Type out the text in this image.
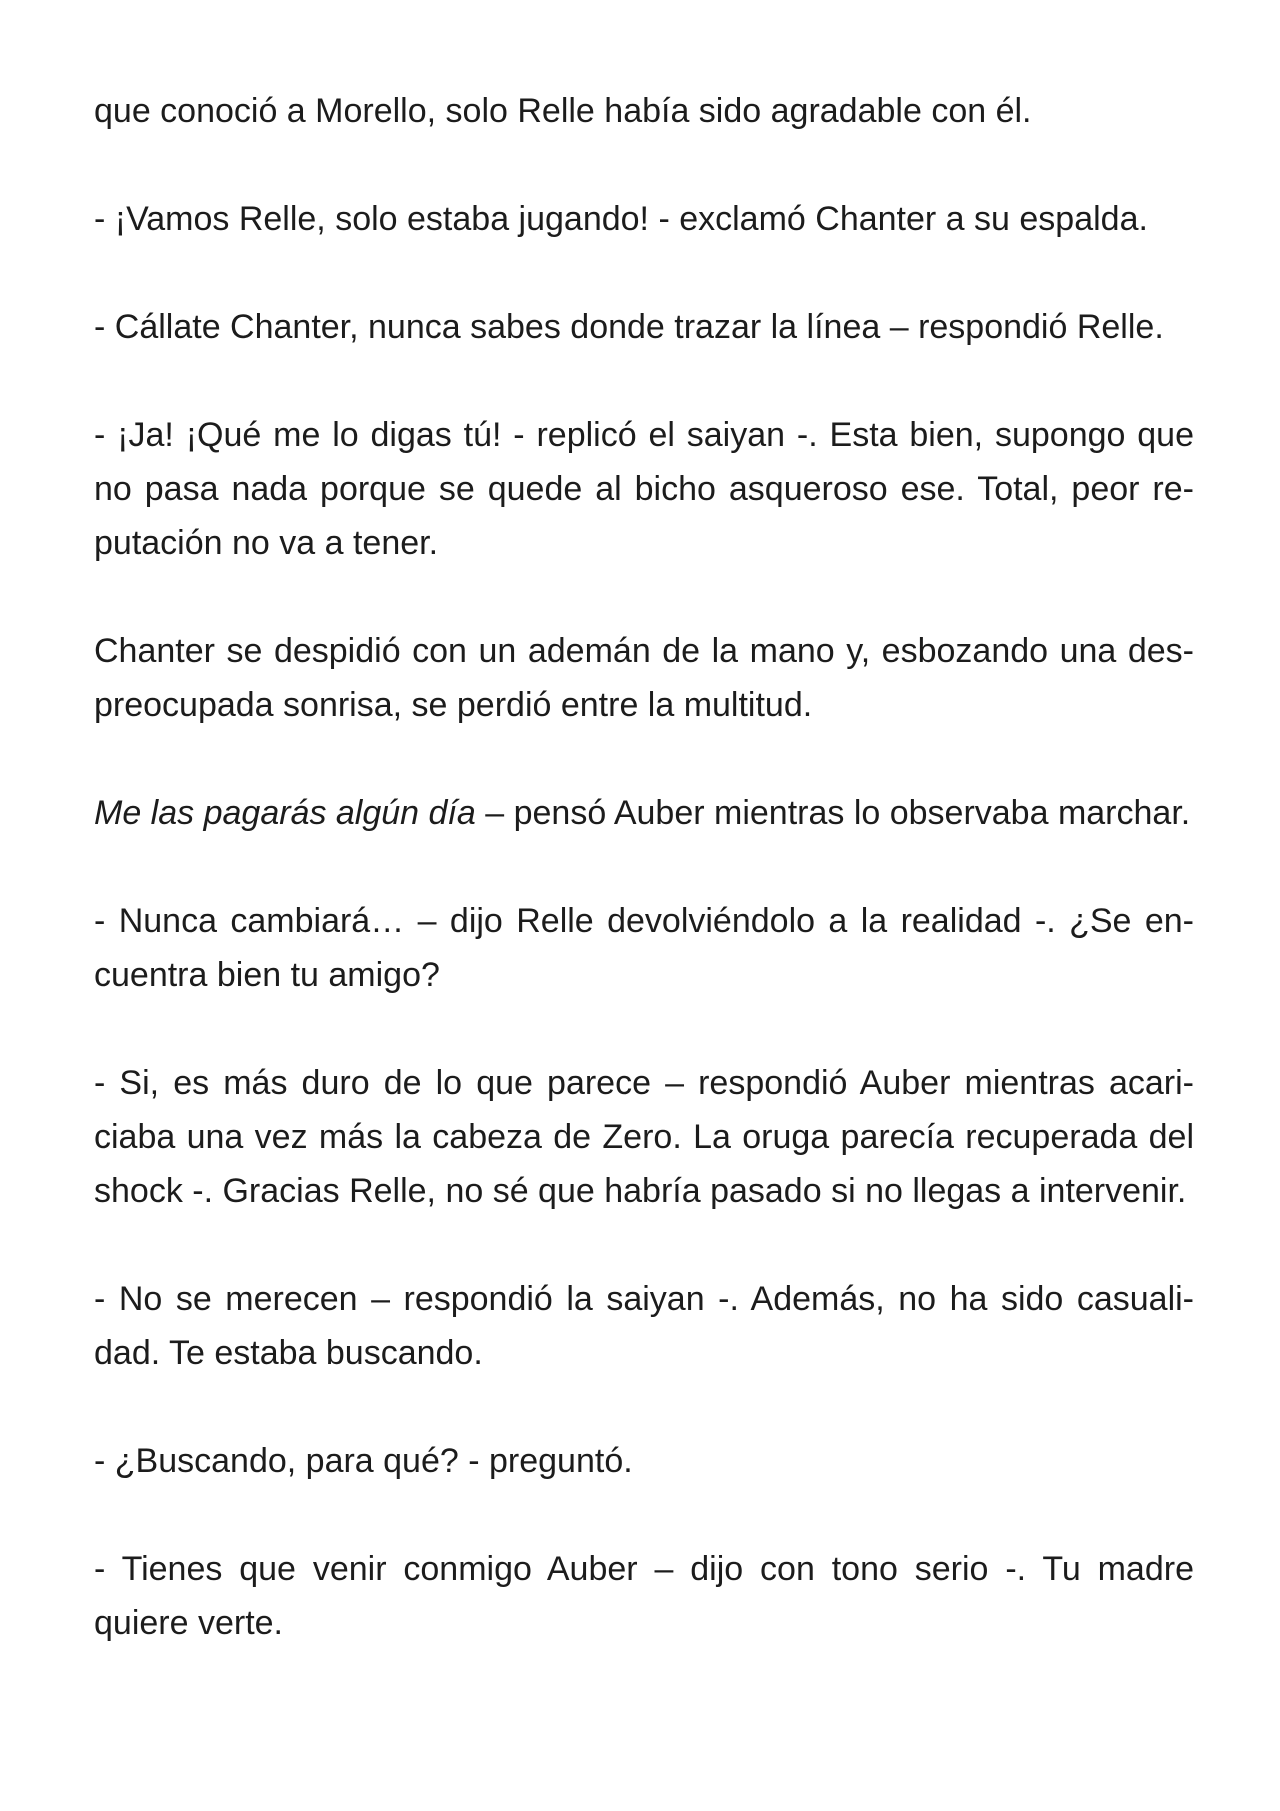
que conoció a Morello, solo Relle había sido agradable con él.

- ¡Vamos Relle, solo estaba jugando! - exclamó Chanter a su espalda.

- Cállate Chanter, nunca sabes donde trazar la línea – respondió Relle.

- ¡Ja! ¡Qué me lo digas tú! - replicó el saiyan -. Esta bien, supongo que no pasa nada porque se quede al bicho asqueroso ese. Total, peor reputación no va a tener.

Chanter se despidió con un ademán de la mano y, esbozando una despreocupada sonrisa, se perdió entre la multitud.

Me las pagarás algún día – pensó Auber mientras lo observaba marchar.

- Nunca cambiará… – dijo Relle devolviéndolo a la realidad -. ¿Se encuentra bien tu amigo?

- Si, es más duro de lo que parece – respondió Auber mientras acariciaba una vez más la cabeza de Zero. La oruga parecía recuperada del shock -. Gracias Relle, no sé que habría pasado si no llegas a intervenir.

- No se merecen – respondió la saiyan -. Además, no ha sido casualidad. Te estaba buscando.

- ¿Buscando, para qué? - preguntó.

- Tienes que venir conmigo Auber – dijo con tono serio -. Tu madre quiere verte.
